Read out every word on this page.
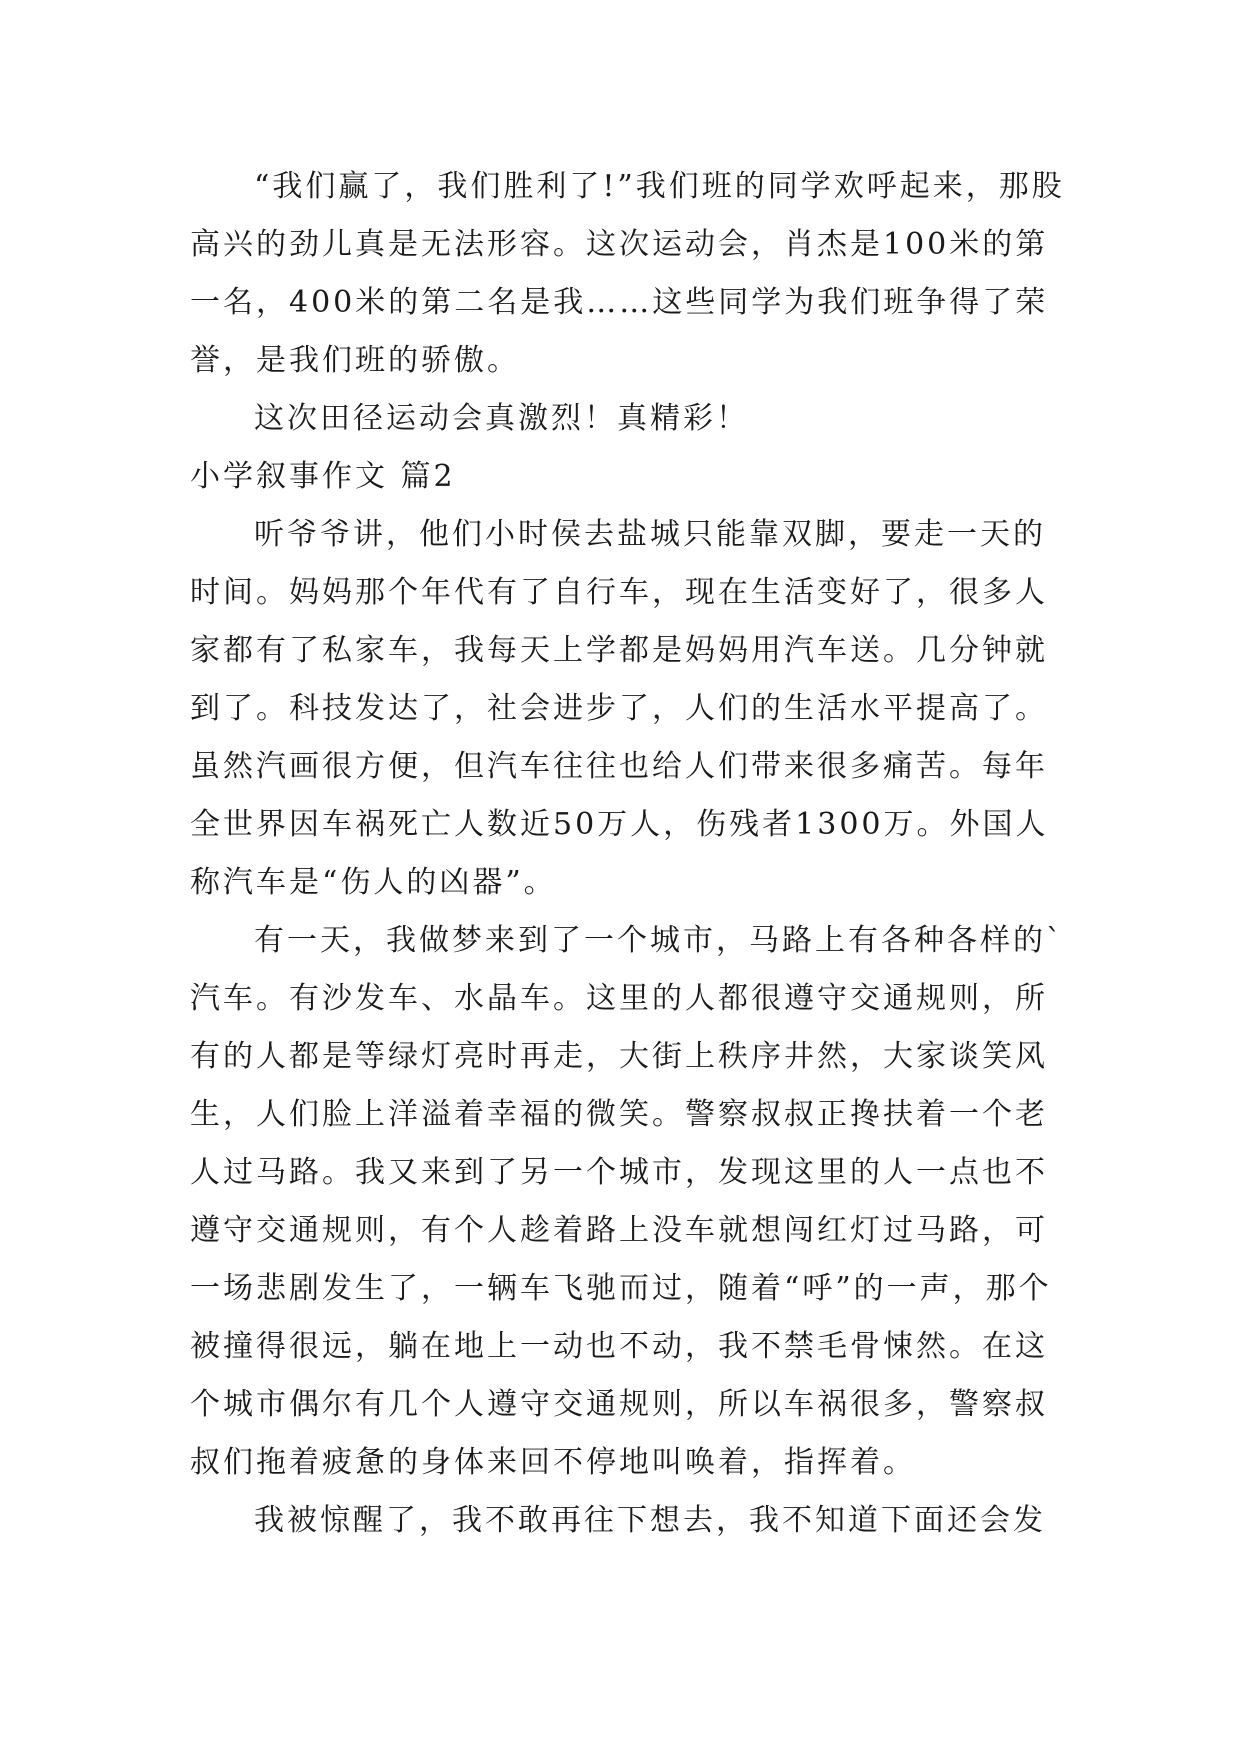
“我们赢了，我们胜利了!”我们班的同学欢呼起来，那股高兴的劲儿真是无法形容。这次运动会，肖杰是100米的第一名，400米的第二名是我……这些同学为我们班争得了荣誉，是我们班的骄傲。

这次田径运动会真激烈！真精彩！

小学叙事作文 篇2

听爷爷讲，他们小时侯去盐城只能靠双脚，要走一天的时间。妈妈那个年代有了自行车，现在生活变好了，很多人家都有了私家车，我每天上学都是妈妈用汽车送。几分钟就到了。科技发达了，社会进步了，人们的生活水平提高了。虽然汽画很方便，但汽车往往也给人们带来很多痛苦。每年全世界因车祸死亡人数近50万人，伤残者1300万。外国人称汽车是“伤人的凶器”。

有一天，我做梦来到了一个城市，马路上有各种各样的`汽车。有沙发车、水晶车。这里的人都很遵守交通规则，所有的人都是等绿灯亮时再走，大街上秩序井然，大家谈笑风生，人们脸上洋溢着幸福的微笑。警察叔叔正搀扶着一个老人过马路。我又来到了另一个城市，发现这里的人一点也不遵守交通规则，有个人趁着路上没车就想闯红灯过马路，可一场悲剧发生了，一辆车飞驰而过，随着“呼”的一声，那个被撞得很远，躺在地上一动也不动，我不禁毛骨悚然。在这个城市偶尔有几个人遵守交通规则，所以车祸很多，警察叔叔们拖着疲惫的身体来回不停地叫唤着，指挥着。

我被惊醒了，我不敢再往下想去，我不知道下面还会发
